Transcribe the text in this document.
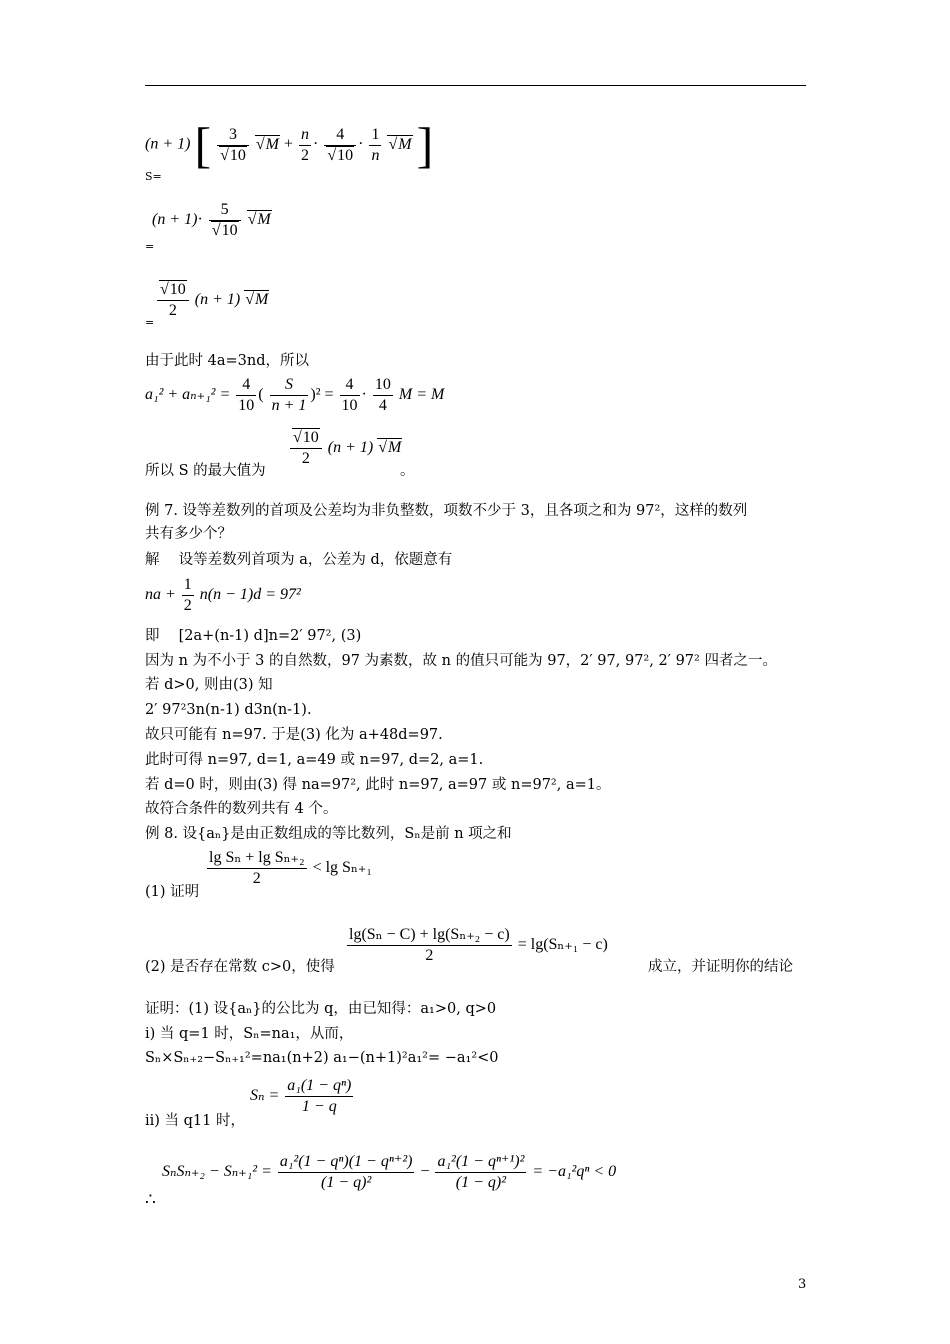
(n + 1) [ 3
√ 10 √ $M + \frac{n}{2} \cdot 4$
√ $10 \cdot \frac{1}{n}$ √ M ]
S=
(n + 1)· 5
√ 10 √ M
=
√ $\frac{10}{2} (n + 1)$ √ M
=
由于此时 4a=3nd，所以
$a_1^2 + a_{n+1}^2 = \frac{4}{10}$ ( $\frac{S}{n + 1} )^2 = \frac{4}{10} \cdot \frac{10}{4}$ M = M
√ $\frac{10}{2} (n + 1)$ √ M
所以 S 的最大值为	。
例 7. 设等差数列的首项及公差均为非负整数，项数不少于 3，且各项之和为 97²，这样的数列
共有多少个？
解　 设等差数列首项为 a，公差为 d，依题意有
na + $\frac{1}{2} n(n - 1)d = 97^2$
即　 [2a+(n-1) d]n=2′ 97², (3)
因为 n 为不小于 3 的自然数，97 为素数，故 n 的值只可能为 97，2′ 97, 97², 2′ 97² 四者之一。
若 d>0, 则由(3) 知
2′ 97²3n(n-1) d3n(n-1).
故只可能有 n=97. 于是(3) 化为 a+48d=97.
此时可得 n=97, d=1, a=49 或 n=97, d=2, a=1.
若 d=0 时，则由(3) 得 na=97², 此时 n=97, a=97 或 n=97², a=1。
故符合条件的数列共有 4 个。
例 8. 设{aₙ}是由正数组成的等比数列，Sₙ是前 n 项之和
$\frac{\text{lg Sₙ + lg Sₙ₊₂}}{2} < \lg S_{n+1}$
(1) 证明
$\frac{\text{lg(Sₙ − C) + lg(Sₙ₊₂ − c)}}{2} = \lg(S_{n+1} - c)$
(2) 是否存在常数 c>0，使得	成立，并证明你的结论
证明：(1) 设{aₙ}的公比为 q，由已知得：a₁>0, q>0
i) 当 q=1 时，Sₙ=na₁，从而，
Sₙ×Sₙ₊₂−Sₙ₊₁²=na₁(n+2) a₁−(n+1)²a₁²= −a₁²<0
$S_n = \frac{\text{a₁(1 − qⁿ)}}{1 - q}$
ii) 当 q11 时，
$S_nS_{n+2} - S_{n+1}^2 = \frac{\text{a₁²(1 − qⁿ)(1 − qⁿ⁺²)}}{\text{(1 − q)²}} - \frac{\text{a₁²(1 − qⁿ⁺¹)²}}{\text{(1 − q)²}} = -a_1^2q^n < 0$
∴
3
